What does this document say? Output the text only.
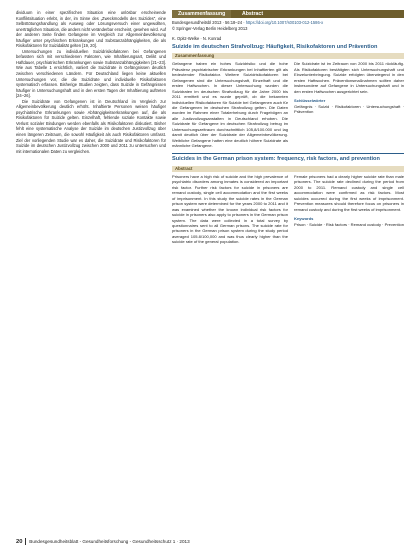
dividuum in einer spezifischen Situation eine unlösbar erscheinende Konfliktsituation erlebt, in der, im Sinne des „Zweckmodells des Suizides“, eine Selbsttötungshandlung als Ausweg oder Lösungsversuch einer ungewollten, unerträglichen Situation, die anders nicht veränderbar erscheint, gesehen wird. Auf der anderen Seite finden Gefangene im Vergleich zur Allgemeinbevölkerung häufiger unter psychischen Erkrankungen und Substanzabhängigkeiten, die als Risikofaktoren für Suizidalität gelten [19, 20].

Untersuchungen zu individuellen Suizidrisikofaktoren bei Gefangenen befassten sich mit verschiedenen Faktoren, wie Inhaftierungsart, Delikt und Haftdauer, psychiatrischen Erkrankungen sowie Substanzabhängigkeiten [21–23]. Wie aus Tabelle 1 ersichtlich, variiert die Suizidrate in Gefängnissen deutlich zwischen verschiedenen Ländern. Für Deutschland liegen keine aktuellen Untersuchungen vor, die die Suizidrate und individuelle Risikofaktoren systematisch erfassen. Bisherige Studien zeigten, dass Suizide in Gefängnissen häufiger in Untersuchungshaft und in den ersten Tagen der Inhaftierung auftreten [24–26].

Die Suizidrate von Gefangenen ist in Deutschland im Vergleich zur Allgemeinbevölkerung deutlich erhöht. Inhaftierte Personen weisen häufiger psychiatrische Erkrankungen sowie Abhängigkeitserkrankungen auf, die als Risikofaktoren für Suizide gelten. Einzelhaft, fehlende soziale Kontakte sowie Verlust sozialer Bindungen werden ebenfalls als Risikofaktoren diskutiert. Bisher fehlt eine systematische Analyse der Suizide im deutschen Justizvollzug über einen längeren Zeitraum, die sowohl Häufigkeit als auch Risikofaktoren umfasst. Ziel der vorliegenden Studie war es daher, die Suizidrate und Risikofaktoren für Suizide im deutschen Justizvollzug zwischen 2000 und 2011 zu untersuchen und mit internationalen Daten zu vergleichen.

Zusammenfassung	Abstract
Bundesgesundheitsbl 2013 · 56:18–24 · https://doi.org/10.1007/s00103-012-1586-x
© Springer-Verlag Berlin Heidelberg 2013
K. Opitz-Welke · N. Konrad
Suizide im deutschen Strafvollzug: Häufigkeit, Risikofaktoren und Prävention
Zusammenfassung

Gefangene haben ein hohes Suizidrisiko und die hohe Prävalenz psychiatrischer Erkrankungen bei Inhaftierten gilt als bedeutender Risikofaktor. Weitere Suizidrisikofaktoren bei Gefangenen sind die Untersuchungshaft, Einzelhaft und die ersten Haftwochen. In dieser Untersuchung wurden die Suizidraten im deutschen Strafvollzug für die Jahre 2000 bis 2011 ermittelt und es wurde geprüft, ob die bekannten individuellen Risikofaktoren für Suizide bei Gefangenen auch für die Gefangenen im deutschen Strafvollzug gelten. Die Daten wurden im Rahmen einer Totalerhebung durch Fragebögen an alle Justizvollzugsanstalten in Deutschland erhoben. Die Suizidrate für Gefangene im deutschen Strafvollzug betrug im Untersuchungszeitraum durchschnittlich 105,8/100.000 und lag damit deutlich über der Suizidrate der Allgemeinbevölkerung. Weibliche Gefangene hatten eine deutlich höhere Suizidrate als männliche Gefangene.

Die Suizidrate ist im Zeitraum von 2000 bis 2011 rückläufig. Als Risikofaktoren bestätigten sich Untersuchungshaft und Einzelunterbringung. Suizide erfolgten überwiegend in den ersten Haftwochen. Präventionsmaßnahmen sollten daher insbesondere auf Gefangene in Untersuchungshaft und in den ersten Haftwochen ausgerichtet sein.

Schlüsselwörter

Gefängnis · Suizid · Risikofaktoren · Untersuchungshaft · Prävention

Suicides in the German prison system: frequency, risk factors, and prevention
Abstract

Prisoners have a high risk of suicide and the high prevalence of psychiatric disorders among inmates is considered an important risk factor. Further risk factors for suicide in prisoners are remand custody, single cell accommodation and the first weeks of imprisonment. In this study the suicide rates in the German prison system were determined for the years 2000 to 2011 and it was examined whether the known individual risk factors for suicide in prisoners also apply to prisoners in the German prison system. The data were collected in a total survey by questionnaires sent to all German prisons. The suicide rate for prisoners in the German prison system during the study period averaged 105.8/100,000 and was thus clearly higher than the suicide rate of the general population.

Female prisoners had a clearly higher suicide rate than male prisoners. The suicide rate declined during the period from 2000 to 2011. Remand custody and single cell accommodation were confirmed as risk factors. Most suicides occurred during the first weeks of imprisonment. Prevention measures should therefore focus on prisoners in remand custody and during the first weeks of imprisonment.

Keywords

Prison · Suicide · Risk factors · Remand custody · Prevention

20 Bundesgesundheitsblatt - Gesundheitsforschung - Gesundheitsschutz 1 · 2013
